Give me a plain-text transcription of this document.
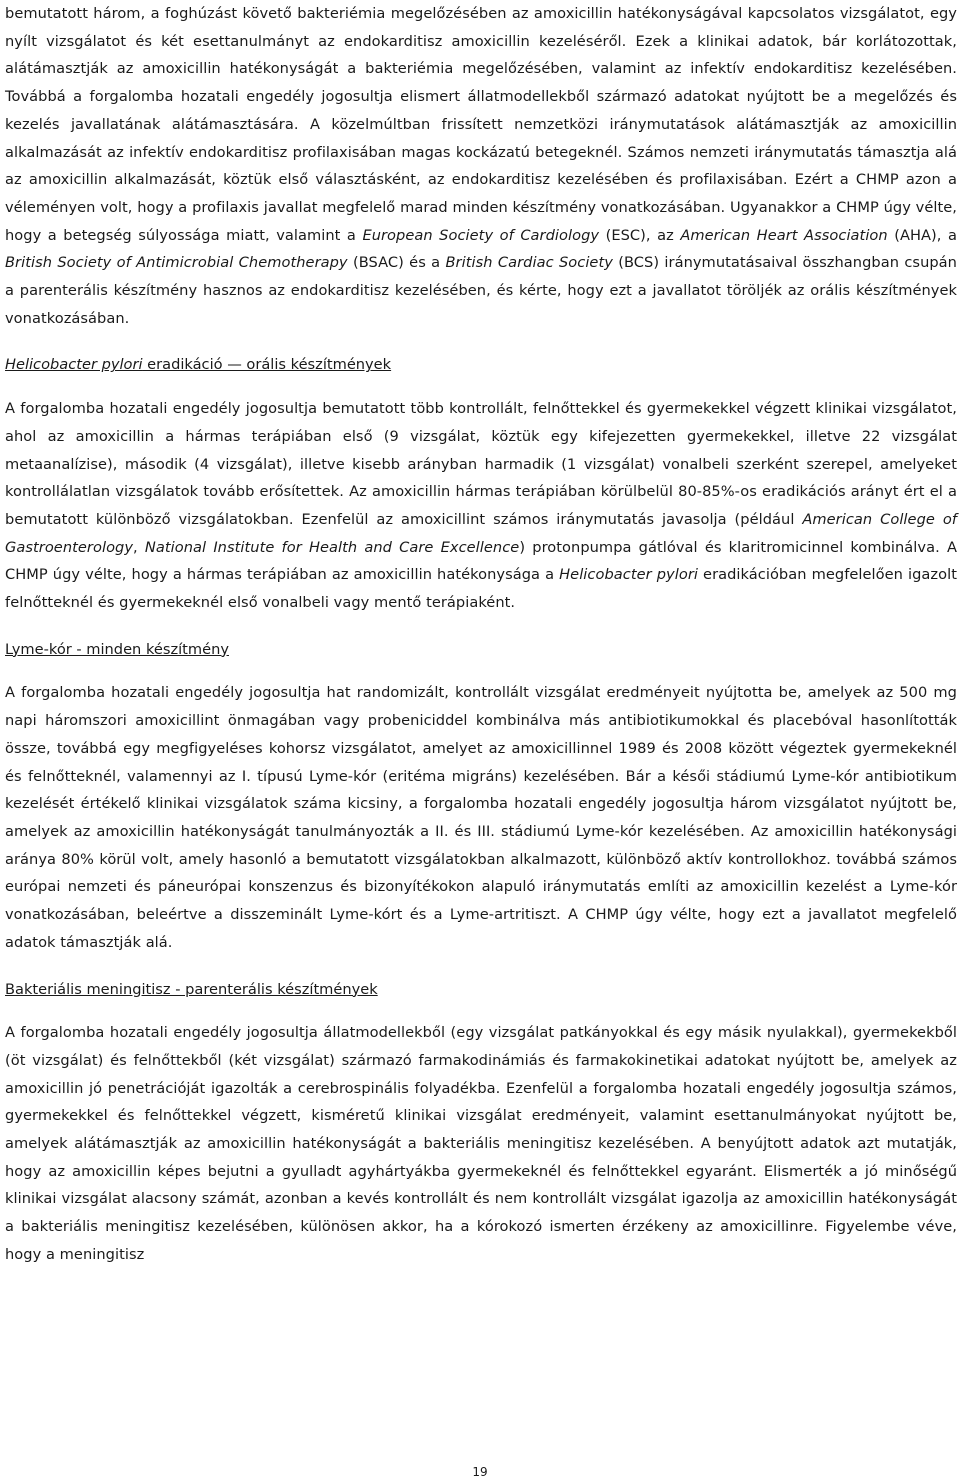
bemutatott három, a foghúzást követő bakteriémia megelőzésében az amoxicillin hatékonyságával kapcsolatos vizsgálatot, egy nyílt vizsgálatot és két esettanulmányt az endokarditisz amoxicillin kezeléséről. Ezek a klinikai adatok, bár korlátozottak, alátámasztják az amoxicillin hatékonyságát a bakteriémia megelőzésében, valamint az infektív endokarditisz kezelésében. Továbbá a forgalomba hozatali engedély jogosultja elismert állatmodellekből származó adatokat nyújtott be a megelőzés és kezelés javallatának alátámasztására. A közelmúltban frissített nemzetközi iránymutatások alátámasztják az amoxicillin alkalmazását az infektív endokarditisz profilaxisában magas kockázatú betegeknél. Számos nemzeti iránymutatás támasztja alá az amoxicillin alkalmazását, köztük első választásként, az endokarditisz kezelésében és profilaxisában. Ezért a CHMP azon a véleményen volt, hogy a profilaxis javallat megfelelő marad minden készítmény vonatkozásában. Ugyanakkor a CHMP úgy vélte, hogy a betegség súlyossága miatt, valamint a European Society of Cardiology (ESC), az American Heart Association (AHA), a British Society of Antimicrobial Chemotherapy (BSAC) és a British Cardiac Society (BCS) iránymutatásaival összhangban csupán a parenterális készítmény hasznos az endokarditisz kezelésében, és kérte, hogy ezt a javallatot töröljék az orális készítmények vonatkozásában.

Helicobacter pylori eradikáció — orális készítmények

A forgalomba hozatali engedély jogosultja bemutatott több kontrollált, felnőttekkel és gyermekekkel végzett klinikai vizsgálatot, ahol az amoxicillin a hármas terápiában első (9 vizsgálat, köztük egy kifejezetten gyermekekkel, illetve 22 vizsgálat metaanalízise), második (4 vizsgálat), illetve kisebb arányban harmadik (1 vizsgálat) vonalbeli szerként szerepel, amelyeket kontrollálatlan vizsgálatok tovább erősítettek. Az amoxicillin hármas terápiában körülbelül 80-85%-os eradikációs arányt ért el a bemutatott különböző vizsgálatokban. Ezenfelül az amoxicillint számos iránymutatás javasolja (például American College of Gastroenterology, National Institute for Health and Care Excellence) protonpumpa gátlóval és klaritromicinnel kombinálva. A CHMP úgy vélte, hogy a hármas terápiában az amoxicillin hatékonysága a Helicobacter pylori eradikációban megfelelően igazolt felnőtteknél és gyermekeknél első vonalbeli vagy mentő terápiaként.

Lyme-kór - minden készítmény

A forgalomba hozatali engedély jogosultja hat randomizált, kontrollált vizsgálat eredményeit nyújtotta be, amelyek az 500 mg napi háromszori amoxicillint önmagában vagy probeniciddel kombinálva más antibiotikumokkal és placebóval hasonlították össze, továbbá egy megfigyeléses kohorsz vizsgálatot, amelyet az amoxicillinnel 1989 és 2008 között végeztek gyermekeknél és felnőtteknél, valamennyi az I. típusú Lyme-kór (eritéma migráns) kezelésében. Bár a késői stádiumú Lyme-kór antibiotikum kezelését értékelő klinikai vizsgálatok száma kicsiny, a forgalomba hozatali engedély jogosultja három vizsgálatot nyújtott be, amelyek az amoxicillin hatékonyságát tanulmányozták a II. és III. stádiumú Lyme-kór kezelésében. Az amoxicillin hatékonysági aránya 80% körül volt, amely hasonló a bemutatott vizsgálatokban alkalmazott, különböző aktív kontrollokhoz. továbbá számos európai nemzeti és páneurópai konszenzus és bizonyítékokon alapuló iránymutatás említi az amoxicillin kezelést a Lyme-kór vonatkozásában, beleértve a disszeminált Lyme-kórt és a Lyme-artritiszt. A CHMP úgy vélte, hogy ezt a javallatot megfelelő adatok támasztják alá.

Bakteriális meningitisz - parenterális készítmények

A forgalomba hozatali engedély jogosultja állatmodellekből (egy vizsgálat patkányokkal és egy másik nyulakkal), gyermekekből (öt vizsgálat) és felnőttekből (két vizsgálat) származó farmakodinámiás és farmakokinetikai adatokat nyújtott be, amelyek az amoxicillin jó penetrációját igazolták a cerebrospinális folyadékba. Ezenfelül a forgalomba hozatali engedély jogosultja számos, gyermekekkel és felnőttekkel végzett, kisméretű klinikai vizsgálat eredményeit, valamint esettanulmányokat nyújtott be, amelyek alátámasztják az amoxicillin hatékonyságát a bakteriális meningitisz kezelésében. A benyújtott adatok azt mutatják, hogy az amoxicillin képes bejutni a gyulladt agyhártyákba gyermekeknél és felnőttekkel egyaránt. Elismerték a jó minőségű klinikai vizsgálat alacsony számát, azonban a kevés kontrollált és nem kontrollált vizsgálat igazolja az amoxicillin hatékonyságát a bakteriális meningitisz kezelésében, különösen akkor, ha a kórokozó ismerten érzékeny az amoxicillinre. Figyelembe véve, hogy a meningitisz

19
